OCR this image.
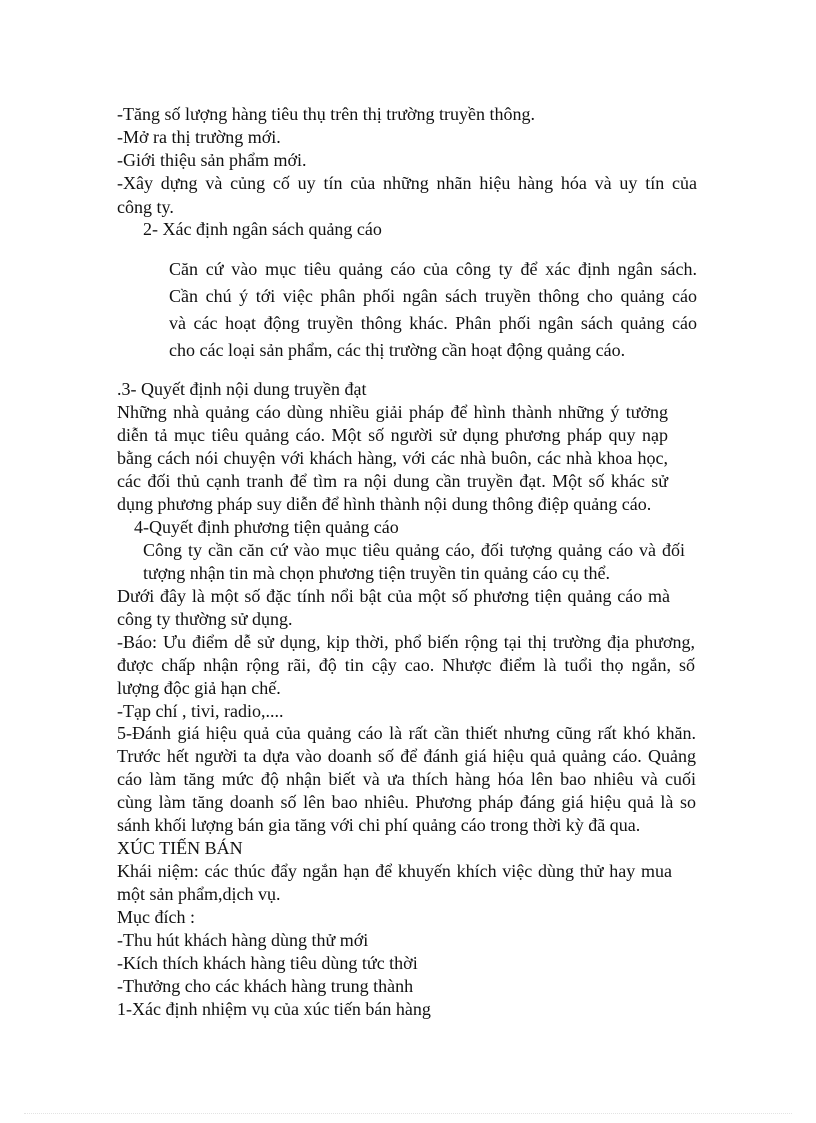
-Tăng số lượng hàng tiêu thụ trên thị trường truyền thông.
-Mở ra thị trường mới.
-Giới thiệu sản phẩm mới.
-Xây dựng và củng cố uy tín của những nhãn hiệu hàng hóa và uy tín của
công ty.
2- Xác định ngân sách quảng cáo
Căn cứ vào mục tiêu quảng cáo của công ty để xác định ngân sách.
Cần chú ý tới việc phân phối ngân sách truyền thông cho quảng cáo
và các hoạt động truyền thông khác. Phân phối ngân sách quảng cáo
cho các loại sản phẩm, các thị trường cần hoạt động quảng cáo.
.3- Quyết định nội dung truyền đạt
Những nhà quảng cáo dùng nhiều giải pháp để hình thành những ý tưởng
diễn tả mục tiêu quảng cáo. Một số người sử dụng phương pháp quy nạp
bằng cách nói chuyện với khách hàng, với các nhà buôn, các nhà khoa học,
các đối thủ cạnh tranh để tìm ra nội dung cần truyền đạt. Một số khác sử
dụng phương pháp suy diễn để hình thành nội dung thông điệp quảng cáo.
4-Quyết định phương tiện quảng cáo
Công ty cần căn cứ vào mục tiêu quảng cáo, đối tượng quảng cáo và đối
tượng nhận tin mà chọn phương tiện truyền tin quảng cáo cụ thể.
Dưới đây là một số đặc tính nổi bật của một số phương tiện quảng cáo mà
công ty thường sử dụng.
-Báo: Ưu điểm dễ sử dụng, kịp thời, phổ biến rộng tại thị trường địa phương,
được chấp nhận rộng rãi, độ tin cậy cao. Nhược điểm là tuổi thọ ngắn, số
lượng độc giả hạn chế.
-Tạp chí , tivi, radio,....
5-Đánh giá hiệu quả của quảng cáo là rất cần thiết nhưng cũng rất khó khăn.
Trước hết người ta dựa vào doanh số để đánh giá hiệu quả quảng cáo. Quảng
cáo làm tăng mức độ nhận biết và ưa thích hàng hóa lên bao nhiêu và cuối
cùng làm tăng doanh số lên bao nhiêu. Phương pháp đáng giá hiệu quả là so
sánh khối lượng bán gia tăng với chi phí quảng cáo trong thời kỳ đã qua.
XÚC TIẾN BÁN
Khái niệm: các thúc đẩy ngắn hạn để khuyến khích việc dùng thử hay mua
một sản phẩm,dịch vụ.
Mục đích :
-Thu hút khách hàng dùng thử mới
-Kích thích khách hàng tiêu dùng tức thời
-Thưởng cho các khách hàng trung thành
1-Xác định nhiệm vụ của xúc tiến bán hàng
